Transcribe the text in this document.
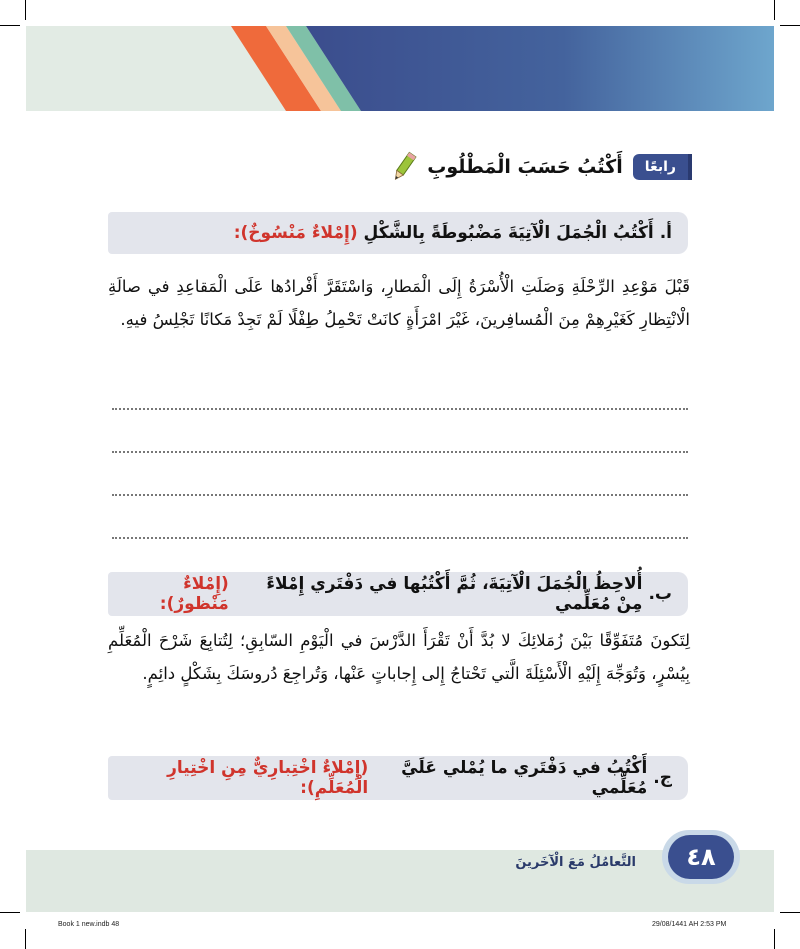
رابعًا
أَكْتُبُ حَسَبَ الْمَطْلُوبِ
أ.
أَكْتُبُ الْجُمَلَ الْآتِيَةَ مَضْبُوطَةً بِالشَّكْلِ

(إِمْلاءٌ مَنْسُوخٌ):
قَبْلَ مَوْعِدِ الرِّحْلَةِ وَصَلَتِ الْأُسْرَةُ إِلَى الْمَطارِ، وَاسْتَقَرَّ أَفْرادُها عَلَى الْمَقاعِدِ في صالَةِ الْانْتِظارِ كَغَيْرِهِمْ مِنَ الْمُسافِرينَ، غَيْرَ امْرَأَةٍ كانَتْ تَحْمِلُ طِفْلًا لَمْ تَجِدْ مَكانًا تَجْلِسُ فيهِ.
ب.
أُلاحِظُ الْجُمَلَ الْآتِيَةَ، ثُمَّ أَكْتُبُها في دَفْتَري إِمْلاءً مِنْ مُعَلِّمي

(إِمْلاءٌ مَنْظورٌ):
لِتَكونَ مُتَفَوِّقًا بَيْنَ زُمَلائِكَ لا بُدَّ أَنْ تَقْرَأَ الدَّرْسَ في الْيَوْمِ السّابِقِ؛ لِتُتابِعَ شَرْحَ الْمُعَلِّمِ بِيُسْرٍ، وَتُوَجِّهَ إِلَيْهِ الْأَسْئِلَةَ الَّتي تَحْتاجُ إِلى إِجاباتٍ عَنْها، وَتُراجِعَ دُروسَكَ بِشَكْلٍ دائِمٍ.
ج.
أَكْتُبُ في دَفْتَري ما يُمْلي عَلَيَّ مُعَلِّمي

(إِمْلاءٌ اخْتِبارِيٌّ مِنِ اخْتِيارِ الْمُعَلِّمِ):
التَّعامُلُ مَعَ الْآخَرينَ	٤٨
Book 1 new.indb 48	29/08/1441 AH 2:53 PM
